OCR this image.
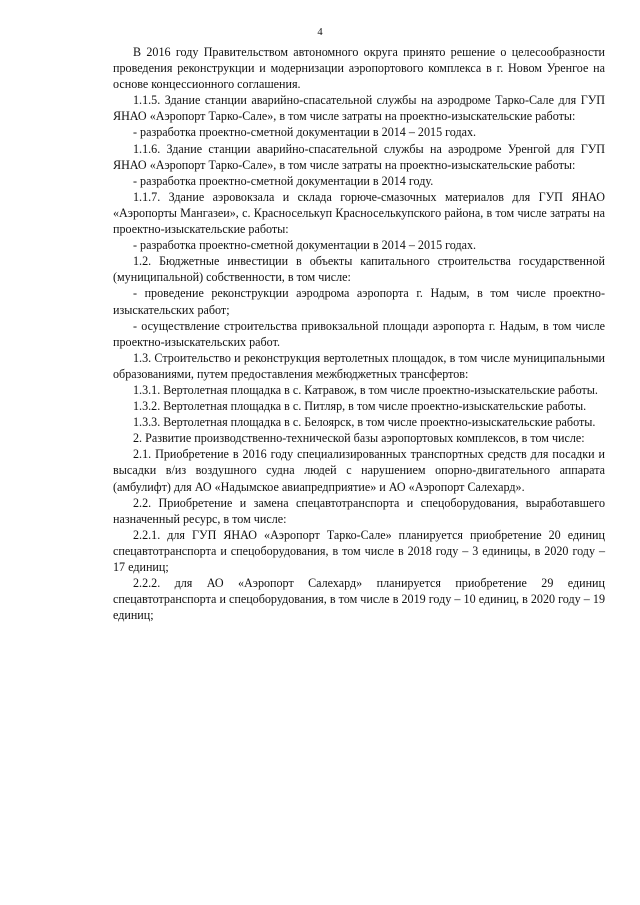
4

В 2016 году Правительством автономного округа принято решение о целесообразности проведения реконструкции и модернизации аэропортового комплекса в г. Новом Уренгое на основе концессионного соглашения.

1.1.5. Здание станции аварийно-спасательной службы на аэродроме Тарко-Сале для ГУП ЯНАО «Аэропорт Тарко-Сале», в том числе затраты на проектно-изыскательские работы:

- разработка проектно-сметной документации в 2014 – 2015 годах.

1.1.6. Здание станции аварийно-спасательной службы на аэродроме Уренгой для ГУП ЯНАО «Аэропорт Тарко-Сале», в том числе затраты на проектно-изыскательские работы:

- разработка проектно-сметной документации в 2014 году.

1.1.7. Здание аэровокзала и склада горюче-смазочных материалов для ГУП ЯНАО «Аэропорты Мангазеи», с. Красноселькуп Красноселькупского района, в том числе затраты на проектно-изыскательские работы:

- разработка проектно-сметной документации в 2014 – 2015 годах.

1.2. Бюджетные инвестиции в объекты капитального строительства государственной (муниципальной) собственности, в том числе:

- проведение реконструкции аэродрома аэропорта г. Надым, в том числе проектно-изыскательских работ;

- осуществление строительства привокзальной площади аэропорта г. Надым, в том числе проектно-изыскательских работ.

1.3. Строительство и реконструкция вертолетных площадок, в том числе муниципальными образованиями, путем предоставления межбюджетных трансфертов:

1.3.1. Вертолетная площадка в с. Катравож, в том числе проектно-изыскательские работы.

1.3.2. Вертолетная площадка в с. Питляр, в том числе проектно-изыскательские работы.

1.3.3. Вертолетная площадка в с. Белоярск, в том числе проектно-изыскательские работы.

2. Развитие производственно-технической базы аэропортовых комплексов, в том числе:

2.1. Приобретение в 2016 году специализированных транспортных средств для посадки и высадки в/из воздушного судна людей с нарушением опорно-двигательного аппарата (амбулифт) для АО «Надымское авиапредприятие» и АО «Аэропорт Салехард».

2.2. Приобретение и замена спецавтотранспорта и спецоборудования, выработавшего назначенный ресурс, в том числе:

2.2.1. для ГУП ЯНАО «Аэропорт Тарко-Сале» планируется приобретение 20 единиц спецавтотранспорта и спецоборудования, в том числе в 2018 году – 3 единицы, в 2020 году – 17 единиц;

2.2.2. для АО «Аэропорт Салехард» планируется приобретение 29 единиц спецавтотранспорта и спецоборудования, в том числе в 2019 году – 10 единиц, в 2020 году – 19 единиц;
